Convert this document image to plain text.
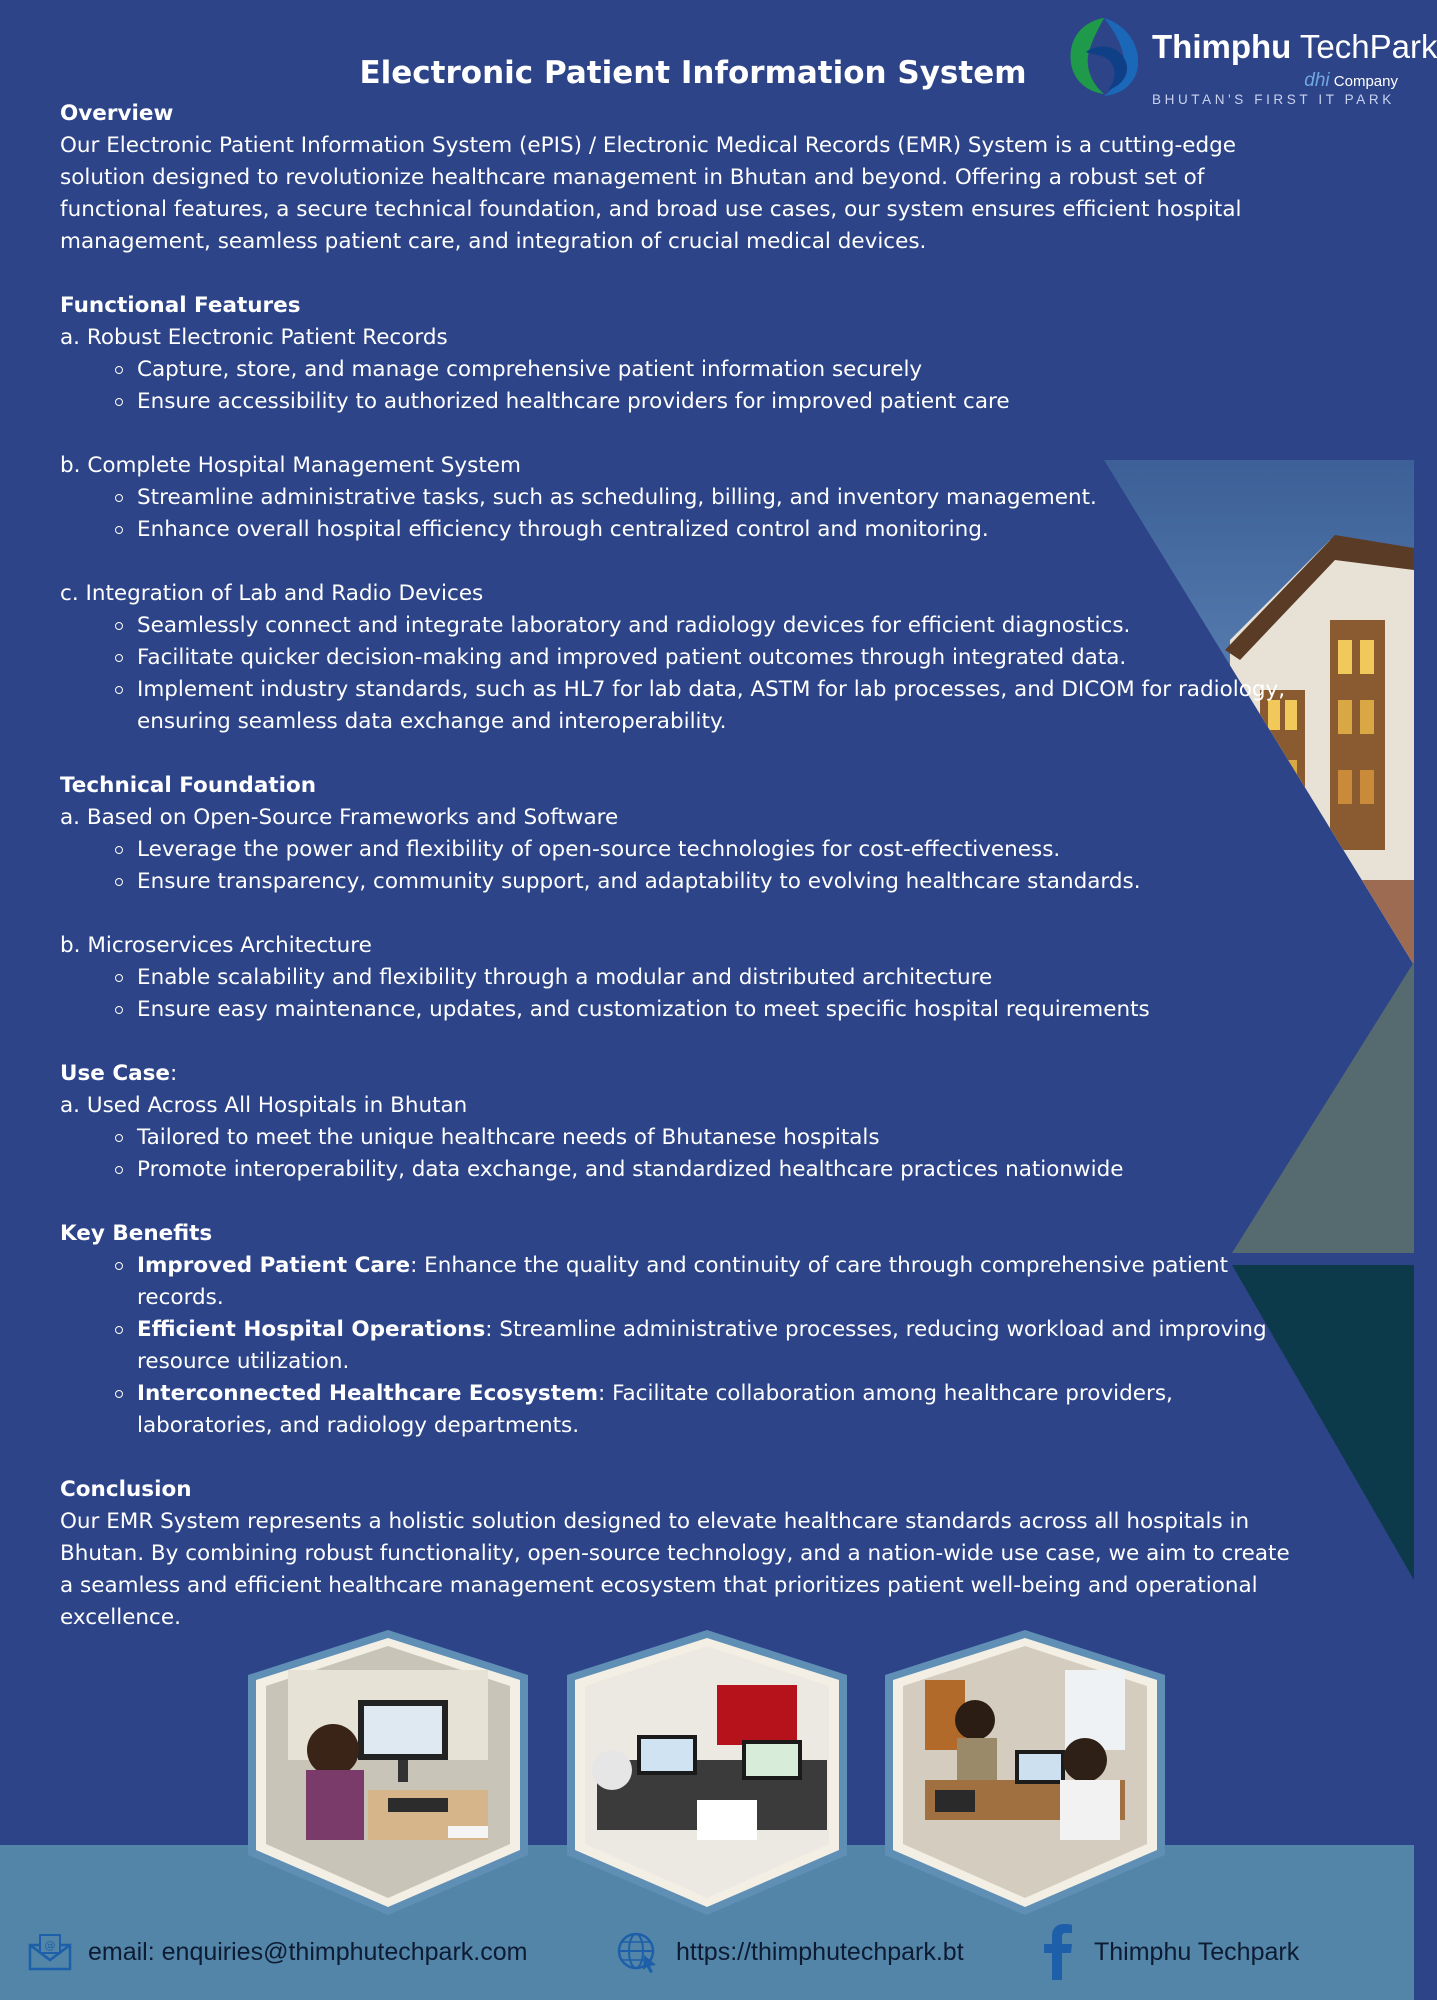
Thimphu TechPark
dhi Company
BHUTAN'S FIRST IT PARK
Electronic Patient Information System
Overview

Our Electronic Patient Information System (ePIS) / Electronic Medical Records (EMR) System is a cutting-edge solution designed to revolutionize healthcare management in Bhutan and beyond. Offering a robust set of functional features, a secure technical foundation, and broad use cases, our system ensures efficient hospital management, seamless patient care, and integration of crucial medical devices.

Functional Features

a. Robust Electronic Patient Records

Capture, store, and manage comprehensive patient information securely
Ensure accessibility to authorized healthcare providers for improved patient care

b. Complete Hospital Management System

Streamline administrative tasks, such as scheduling, billing, and inventory management.
Enhance overall hospital efficiency through centralized control and monitoring.

c. Integration of Lab and Radio Devices

Seamlessly connect and integrate laboratory and radiology devices for efficient diagnostics.
Facilitate quicker decision-making and improved patient outcomes through integrated data.
Implement industry standards, such as HL7 for lab data, ASTM for lab processes, and DICOM for radiology, ensuring seamless data exchange and interoperability.
Technical Foundation

a. Based on Open-Source Frameworks and Software

Leverage the power and flexibility of open-source technologies for cost-effectiveness.
Ensure transparency, community support, and adaptability to evolving healthcare standards.

b. Microservices Architecture

Enable scalability and flexibility through a modular and distributed architecture
Ensure easy maintenance, updates, and customization to meet specific hospital requirements

Use Case:

a. Used Across All Hospitals in Bhutan

Tailored to meet the unique healthcare needs of Bhutanese hospitals
Promote interoperability, data exchange, and standardized healthcare practices nationwide
Key Benefits
Improved Patient Care: Enhance the quality and continuity of care through comprehensive patient records.
Efficient Hospital Operations: Streamline administrative processes, reducing workload and improving resource utilization.
Interconnected Healthcare Ecosystem: Facilitate collaboration among healthcare providers, laboratories, and radiology departments.
Conclusion

Our EMR System represents a holistic solution designed to elevate healthcare standards across all hospitals in Bhutan. By combining robust functionality, open-source technology, and a nation-wide use case, we aim to create a seamless and efficient healthcare management ecosystem that prioritizes patient well-being and operational excellence.

@ email: enquiries@thimphutechpark.com	https://thimphutechpark.bt	Thimphu Techpark
